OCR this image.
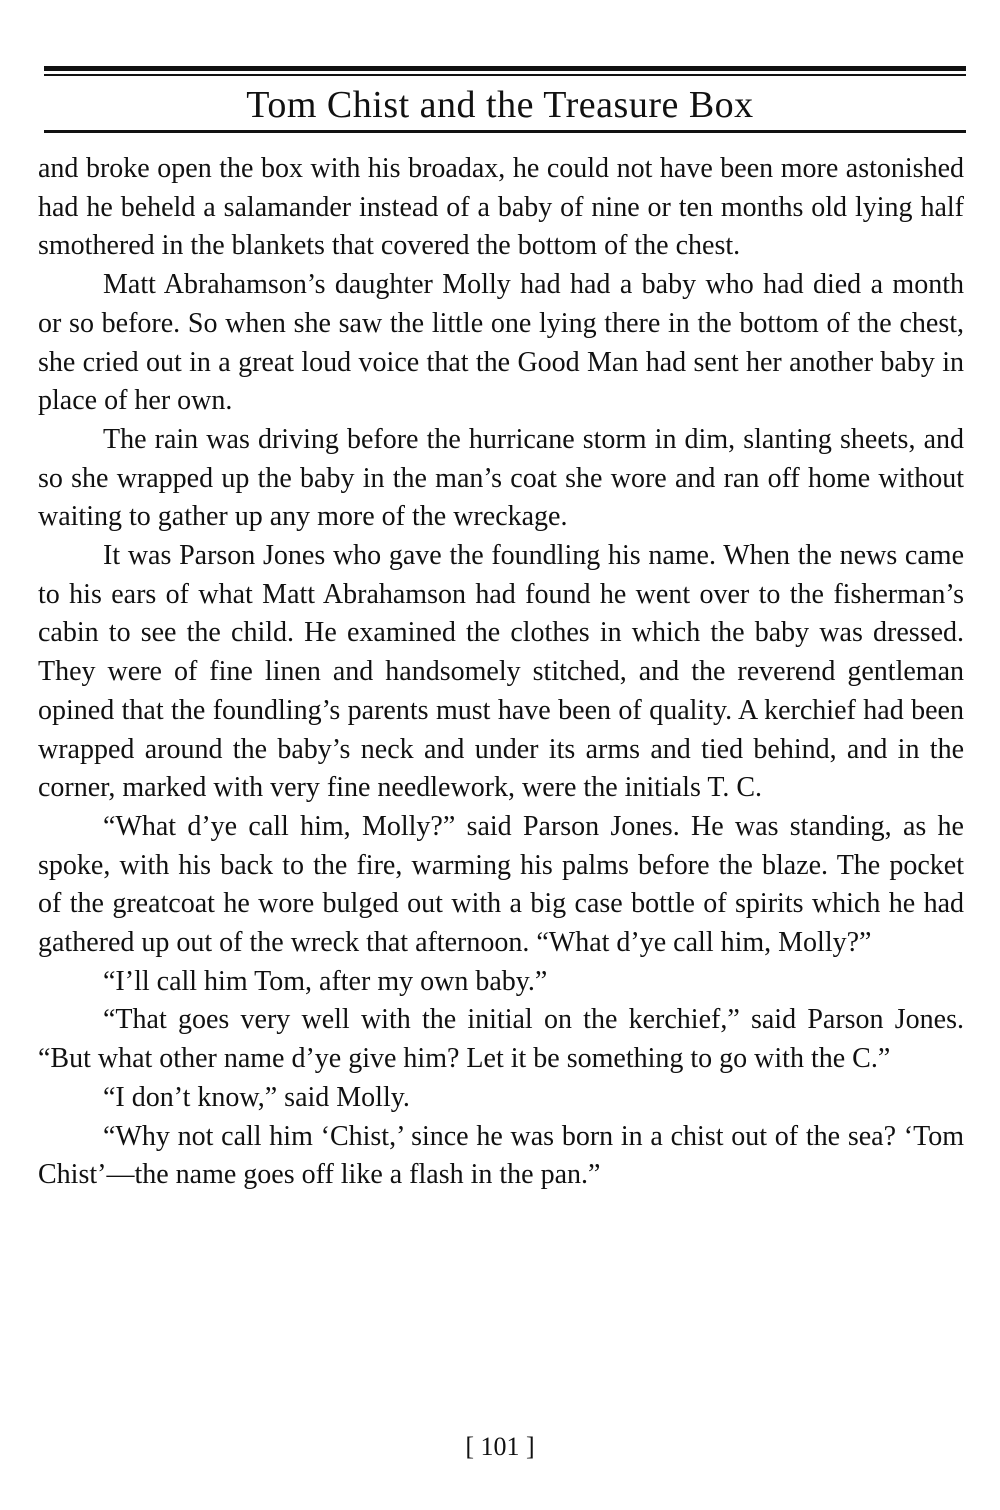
Tom Chist and the Treasure Box

and broke open the box with his broadax, he could not have been more astonished had he beheld a salamander instead of a baby of nine or ten months old lying half smothered in the blankets that covered the bottom of the chest.

Matt Abrahamson’s daughter Molly had had a baby who had died a month or so before. So when she saw the little one lying there in the bottom of the chest, she cried out in a great loud voice that the Good Man had sent her another baby in place of her own.

The rain was driving before the hurricane storm in dim, slanting sheets, and so she wrapped up the baby in the man’s coat she wore and ran off home without waiting to gather up any more of the wreckage.

It was Parson Jones who gave the foundling his name. When the news came to his ears of what Matt Abrahamson had found he went over to the fisherman’s cabin to see the child. He examined the clothes in which the baby was dressed. They were of fine linen and handsomely stitched, and the reverend gentleman opined that the foundling’s parents must have been of quality. A kerchief had been wrapped around the baby’s neck and under its arms and tied behind, and in the corner, marked with very fine needlework, were the initials T. C.

“What d’ye call him, Molly?” said Parson Jones. He was standing, as he spoke, with his back to the fire, warming his palms before the blaze. The pocket of the greatcoat he wore bulged out with a big case bottle of spirits which he had gathered up out of the wreck that afternoon. “What d’ye call him, Molly?”

“I’ll call him Tom, after my own baby.”

“That goes very well with the initial on the kerchief,” said Parson Jones. “But what other name d’ye give him? Let it be something to go with the C.”

“I don’t know,” said Molly.

“Why not call him ‘Chist,’ since he was born in a chist out of the sea? ‘Tom Chist’—the name goes off like a flash in the pan.”

[ 101 ]
